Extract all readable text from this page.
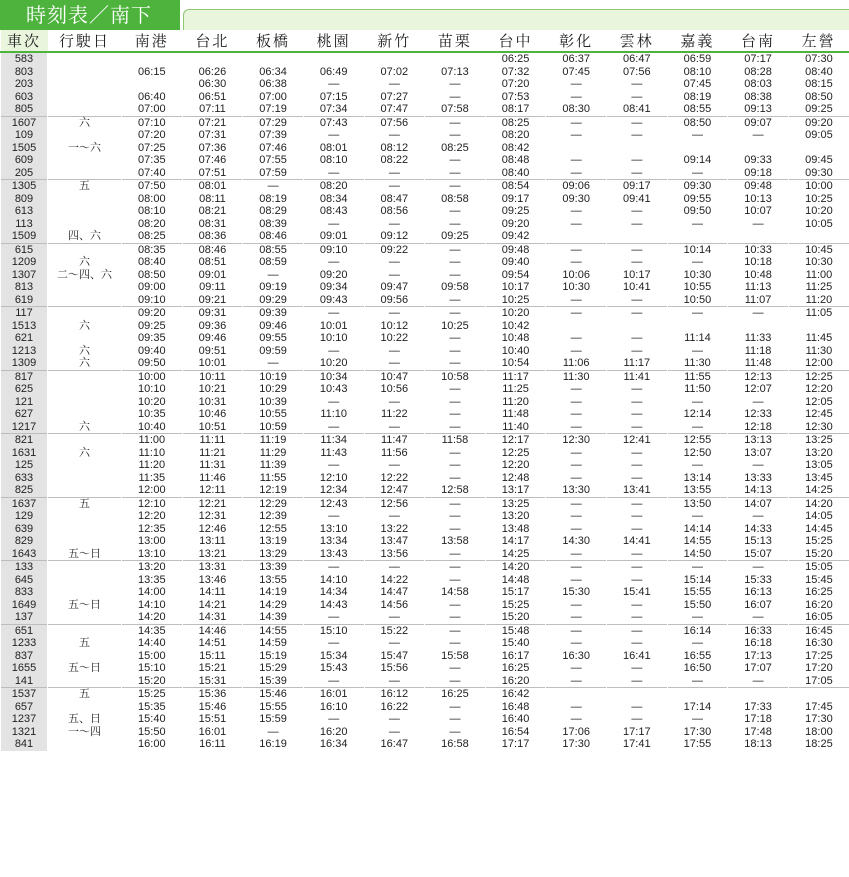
時刻表／南下
車次	行駛日	南港	台北	板橋	桃園	新竹	苗栗	台中	彰化	雲林	嘉義	台南	左營
583								06:25	06:37	06:47	06:59	07:17	07:30
803		06:15	06:26	06:34	06:49	07:02	07:13	07:32	07:45	07:56	08:10	08:28	08:40
203			06:30	06:38	—	—	—	07:20	—	—	07:45	08:03	08:15
603		06:40	06:51	07:00	07:15	07:27	—	07:53	—	—	08:19	08:38	08:50
805		07:00	07:11	07:19	07:34	07:47	07:58	08:17	08:30	08:41	08:55	09:13	09:25
1607	六	07:10	07:21	07:29	07:43	07:56	—	08:25	—	—	08:50	09:07	09:20
109		07:20	07:31	07:39	—	—	—	08:20	—	—	—	—	09:05
1505	一～六	07:25	07:36	07:46	08:01	08:12	08:25	08:42					
609		07:35	07:46	07:55	08:10	08:22	—	08:48	—	—	09:14	09:33	09:45
205		07:40	07:51	07:59	—	—	—	08:40	—	—	—	09:18	09:30
1305	五	07:50	08:01	—	08:20	—	—	08:54	09:06	09:17	09:30	09:48	10:00
809		08:00	08:11	08:19	08:34	08:47	08:58	09:17	09:30	09:41	09:55	10:13	10:25
613		08:10	08:21	08:29	08:43	08:56	—	09:25	—	—	09:50	10:07	10:20
113		08:20	08:31	08:39	—	—	—	09:20	—	—	—	—	10:05
1509	四、六	08:25	08:36	08:46	09:01	09:12	09:25	09:42					
615		08:35	08:46	08:55	09:10	09:22	—	09:48	—	—	10:14	10:33	10:45
1209	六	08:40	08:51	08:59	—	—	—	09:40	—	—	—	10:18	10:30
1307	二～四、六	08:50	09:01	—	09:20	—	—	09:54	10:06	10:17	10:30	10:48	11:00
813		09:00	09:11	09:19	09:34	09:47	09:58	10:17	10:30	10:41	10:55	11:13	11:25
619		09:10	09:21	09:29	09:43	09:56	—	10:25	—	—	10:50	11:07	11:20
117		09:20	09:31	09:39	—	—	—	10:20	—	—	—	—	11:05
1513	六	09:25	09:36	09:46	10:01	10:12	10:25	10:42					
621		09:35	09:46	09:55	10:10	10:22	—	10:48	—	—	11:14	11:33	11:45
1213	六	09:40	09:51	09:59	—	—	—	10:40	—	—	—	11:18	11:30
1309	六	09:50	10:01	—	10:20	—	—	10:54	11:06	11:17	11:30	11:48	12:00
817		10:00	10:11	10:19	10:34	10:47	10:58	11:17	11:30	11:41	11:55	12:13	12:25
625		10:10	10:21	10:29	10:43	10:56	—	11:25	—	—	11:50	12:07	12:20
121		10:20	10:31	10:39	—	—	—	11:20	—	—	—	—	12:05
627		10:35	10:46	10:55	11:10	11:22	—	11:48	—	—	12:14	12:33	12:45
1217	六	10:40	10:51	10:59	—	—	—	11:40	—	—	—	12:18	12:30
821		11:00	11:11	11:19	11:34	11:47	11:58	12:17	12:30	12:41	12:55	13:13	13:25
1631	六	11:10	11:21	11:29	11:43	11:56	—	12:25	—	—	12:50	13:07	13:20
125		11:20	11:31	11:39	—	—	—	12:20	—	—	—	—	13:05
633		11:35	11:46	11:55	12:10	12:22	—	12:48	—	—	13:14	13:33	13:45
825		12:00	12:11	12:19	12:34	12:47	12:58	13:17	13:30	13:41	13:55	14:13	14:25
1637	五	12:10	12:21	12:29	12:43	12:56	—	13:25	—	—	13:50	14:07	14:20
129		12:20	12:31	12:39	—	—	—	13:20	—	—	—	—	14:05
639		12:35	12:46	12:55	13:10	13:22	—	13:48	—	—	14:14	14:33	14:45
829		13:00	13:11	13:19	13:34	13:47	13:58	14:17	14:30	14:41	14:55	15:13	15:25
1643	五～日	13:10	13:21	13:29	13:43	13:56	—	14:25	—	—	14:50	15:07	15:20
133		13:20	13:31	13:39	—	—	—	14:20	—	—	—	—	15:05
645		13:35	13:46	13:55	14:10	14:22	—	14:48	—	—	15:14	15:33	15:45
833		14:00	14:11	14:19	14:34	14:47	14:58	15:17	15:30	15:41	15:55	16:13	16:25
1649	五～日	14:10	14:21	14:29	14:43	14:56	—	15:25	—	—	15:50	16:07	16:20
137		14:20	14:31	14:39	—	—	—	15:20	—	—	—	—	16:05
651		14:35	14:46	14:55	15:10	15:22	—	15:48	—	—	16:14	16:33	16:45
1233	五	14:40	14:51	14:59	—	—	—	15:40	—	—	—	16:18	16:30
837		15:00	15:11	15:19	15:34	15:47	15:58	16:17	16:30	16:41	16:55	17:13	17:25
1655	五～日	15:10	15:21	15:29	15:43	15:56	—	16:25	—	—	16:50	17:07	17:20
141		15:20	15:31	15:39	—	—	—	16:20	—	—	—	—	17:05
1537	五	15:25	15:36	15:46	16:01	16:12	16:25	16:42					
657		15:35	15:46	15:55	16:10	16:22	—	16:48	—	—	17:14	17:33	17:45
1237	五、日	15:40	15:51	15:59	—	—	—	16:40	—	—	—	17:18	17:30
1321	一～四	15:50	16:01	—	16:20	—	—	16:54	17:06	17:17	17:30	17:48	18:00
841		16:00	16:11	16:19	16:34	16:47	16:58	17:17	17:30	17:41	17:55	18:13	18:25
